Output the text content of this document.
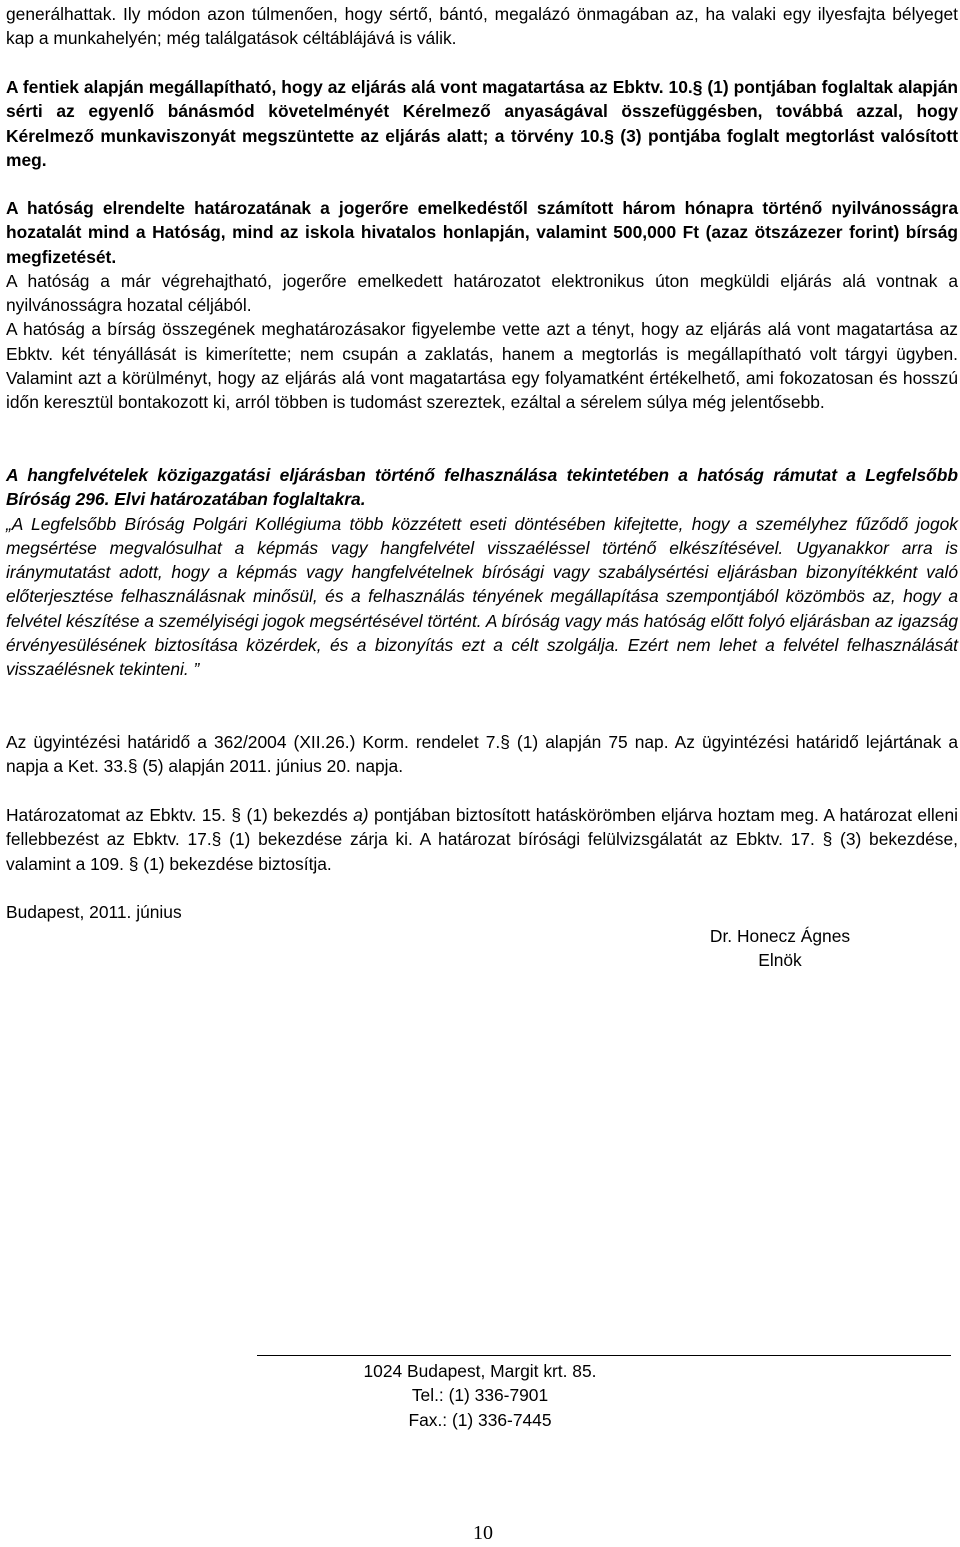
generálhattak. Ily módon azon túlmenően, hogy sértő, bántó, megalázó önmagában az, ha valaki egy ilyesfajta bélyeget kap a munkahelyén; még találgatások céltáblájává is válik.

A fentiek alapján megállapítható, hogy az eljárás alá vont magatartása az Ebktv. 10.§ (1) pontjában foglaltak alapján sérti az egyenlő bánásmód követelményét Kérelmező anyaságával összefüggésben, továbbá azzal, hogy Kérelmező munkaviszonyát megszüntette az eljárás alatt; a törvény 10.§ (3) pontjába foglalt megtorlást valósított meg.

A hatóság elrendelte határozatának a jogerőre emelkedéstől számított három hónapra történő nyilvánosságra hozatalát mind a Hatóság, mind az iskola hivatalos honlapján, valamint 500,000 Ft (azaz ötszázezer forint) bírság megfizetését.

A hatóság a már végrehajtható, jogerőre emelkedett határozatot elektronikus úton megküldi eljárás alá vontnak a nyilvánosságra hozatal céljából.

A hatóság a bírság összegének meghatározásakor figyelembe vette azt a tényt, hogy az eljárás alá vont magatartása az Ebktv. két tényállását is kimerítette; nem csupán a zaklatás, hanem a megtorlás is megállapítható volt tárgyi ügyben. Valamint azt a körülményt, hogy az eljárás alá vont magatartása egy folyamatként értékelhető, ami fokozatosan és hosszú időn keresztül bontakozott ki, arról többen is tudomást szereztek, ezáltal a sérelem súlya még jelentősebb.

A hangfelvételek közigazgatási eljárásban történő felhasználása tekintetében a hatóság rámutat a Legfelsőbb Bíróság 296. Elvi határozatában foglaltakra.

„A Legfelsőbb Bíróság Polgári Kollégiuma több közzétett eseti döntésében kifejtette, hogy a személyhez fűződő jogok megsértése megvalósulhat a képmás vagy hangfelvétel visszaéléssel történő elkészítésével. Ugyanakkor arra is iránymutatást adott, hogy a képmás vagy hangfelvételnek bírósági vagy szabálysértési eljárásban bizonyítékként való előterjesztése felhasználásnak minősül, és a felhasználás tényének megállapítása szempontjából közömbös az, hogy a felvétel készítése a személyiségi jogok megsértésével történt. A bíróság vagy más hatóság előtt folyó eljárásban az igazság érvényesülésének biztosítása közérdek, és a bizonyítás ezt a célt szolgálja. Ezért nem lehet a felvétel felhasználását visszaélésnek tekinteni. ”

Az ügyintézési határidő a 362/2004 (XII.26.) Korm. rendelet 7.§ (1) alapján 75 nap. Az ügyintézési határidő lejártának a napja a Ket. 33.§ (5) alapján 2011. június 20. napja.

Határozatomat az Ebktv. 15. § (1) bekezdés a) pontjában biztosított hatáskörömben eljárva hoztam meg. A határozat elleni fellebbezést az Ebktv. 17.§ (1) bekezdése zárja ki. A határozat bírósági felülvizsgálatát az Ebktv. 17. § (3) bekezdése, valamint a 109. § (1) bekezdése biztosítja.

Budapest, 2011. június
Dr. Honecz Ágnes
Elnök
1024 Budapest, Margit krt. 85.
Tel.: (1) 336-7901
Fax.: (1) 336-7445
10
